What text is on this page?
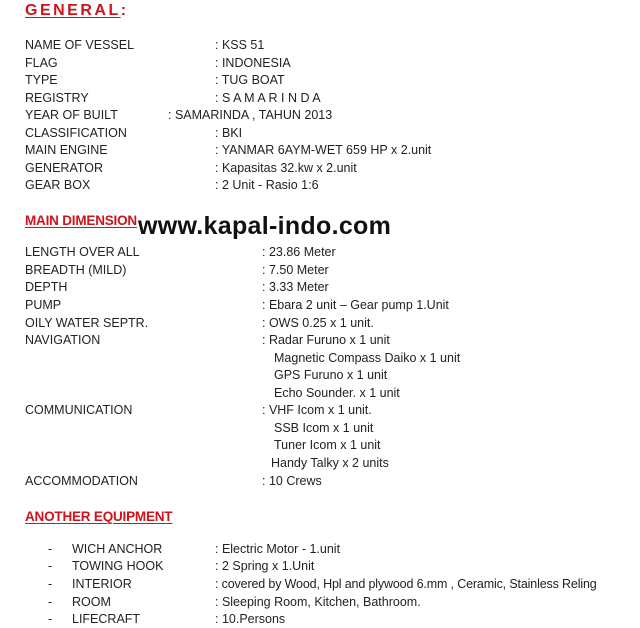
GENERAL:
NAME OF VESSEL	: KSS 51
FLAG	: INDONESIA
TYPE	: TUG BOAT
REGISTRY	: S A M A R I N D A
YEAR OF BUILT	: SAMARINDA , TAHUN 2013
CLASSIFICATION	: BKI
MAIN ENGINE	: YANMAR 6AYM-WET 659 HP x 2.unit
GENERATOR	: Kapasitas 32.kw x 2.unit
GEAR BOX	: 2 Unit - Rasio 1:6
MAIN DIMENSION www.kapal-indo.com
LENGTH OVER ALL	: 23.86 Meter
BREADTH (MILD)	: 7.50 Meter
DEPTH	: 3.33 Meter
PUMP	: Ebara 2 unit – Gear pump 1.Unit
OILY WATER SEPTR.	: OWS 0.25 x 1 unit.
NAVIGATION	: Radar Furuno x 1 unit
Magnetic Compass Daiko x 1 unit
GPS Furuno x 1 unit
Echo Sounder. x 1 unit
COMMUNICATION	: VHF Icom x 1 unit.
SSB Icom x 1 unit
Tuner Icom x 1 unit
Handy Talky x 2 units
ACCOMMODATION	: 10 Crews
ANOTHER EQUIPMENT
- WICH ANCHOR	: Electric Motor - 1.unit
- TOWING HOOK	: 2 Spring x 1.Unit
- INTERIOR	: covered by Wood, Hpl and plywood 6.mm , Ceramic, Stainless Reling
- ROOM	: Sleeping Room, Kitchen, Bathroom.
- LIFECRAFT	: 10.Persons
